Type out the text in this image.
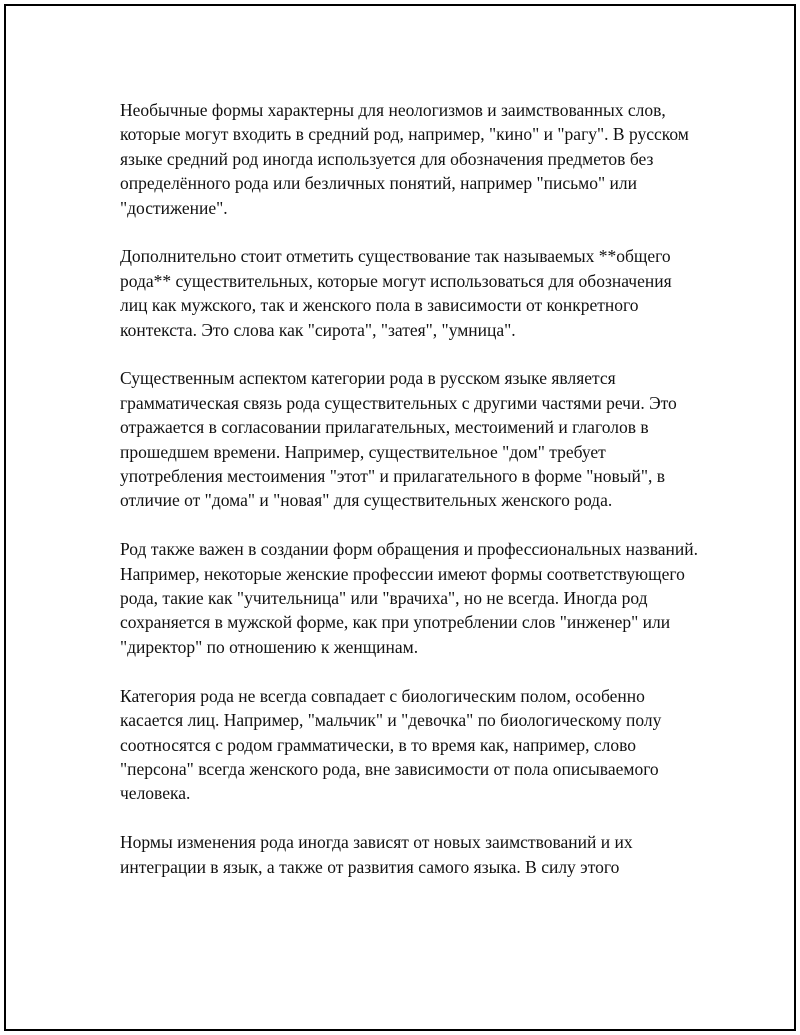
Необычные формы характерны для неологизмов и заимствованных слов, которые могут входить в средний род, например, "кино" и "рагу". В русском языке средний род иногда используется для обозначения предметов без определённого рода или безличных понятий, например "письмо" или "достижение".

Дополнительно стоит отметить существование так называемых **общего рода** существительных, которые могут использоваться для обозначения лиц как мужского, так и женского пола в зависимости от конкретного контекста. Это слова как "сирота", "затея", "умница".

Существенным аспектом категории рода в русском языке является грамматическая связь рода существительных с другими частями речи. Это отражается в согласовании прилагательных, местоимений и глаголов в прошедшем времени. Например, существительное "дом" требует употребления местоимения "этот" и прилагательного в форме "новый", в отличие от "дома" и "новая" для существительных женского рода.

Род также важен в создании форм обращения и профессиональных названий. Например, некоторые женские профессии имеют формы соответствующего рода, такие как "учительница" или "врачиха", но не всегда. Иногда род сохраняется в мужской форме, как при употреблении слов "инженер" или "директор" по отношению к женщинам.

Категория рода не всегда совпадает с биологическим полом, особенно касается лиц. Например, "мальчик" и "девочка" по биологическому полу соотносятся с родом грамматически, в то время как, например, слово "персона" всегда женского рода, вне зависимости от пола описываемого человека.

Нормы изменения рода иногда зависят от новых заимствований и их интеграции в язык, а также от развития самого языка. В силу этого
